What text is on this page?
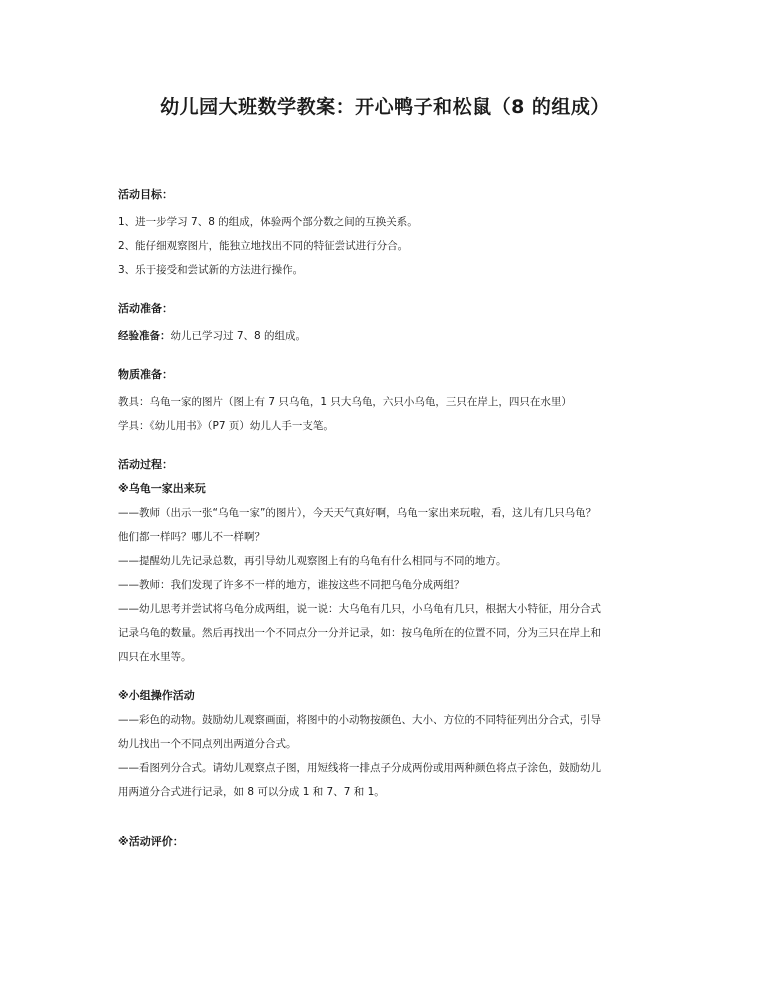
幼儿园大班数学教案：开心鸭子和松鼠（8 的组成）

活动目标：

1、进一步学习 7、8 的组成，体验两个部分数之间的互换关系。

2、能仔细观察图片，能独立地找出不同的特征尝试进行分合。

3、乐于接受和尝试新的方法进行操作。

活动准备：

经验准备：幼儿已学习过 7、8 的组成。

物质准备：

教具：乌龟一家的图片（图上有 7 只乌龟，1 只大乌龟，六只小乌龟，三只在岸上，四只在水里）

学具：《幼儿用书》（P7 页）幼儿人手一支笔。

活动过程：

※乌龟一家出来玩

——教师（出示一张“乌龟一家”的图片），今天天气真好啊，乌龟一家出来玩啦，看，这儿有几只乌龟？

他们都一样吗？哪儿不一样啊？

——提醒幼儿先记录总数，再引导幼儿观察图上有的乌龟有什么相同与不同的地方。

——教师：我们发现了许多不一样的地方，谁按这些不同把乌龟分成两组？

——幼儿思考并尝试将乌龟分成两组，说一说：大乌龟有几只，小乌龟有几只，根据大小特征，用分合式

记录乌龟的数量。然后再找出一个不同点分一分并记录，如：按乌龟所在的位置不同，分为三只在岸上和

四只在水里等。

※小组操作活动

——彩色的动物。鼓励幼儿观察画面，将图中的小动物按颜色、大小、方位的不同特征列出分合式，引导

幼儿找出一个不同点列出两道分合式。

——看图列分合式。请幼儿观察点子图，用短线将一排点子分成两份或用两种颜色将点子涂色，鼓励幼儿

用两道分合式进行记录，如 8 可以分成 1 和 7、7 和 1。

※活动评价：
